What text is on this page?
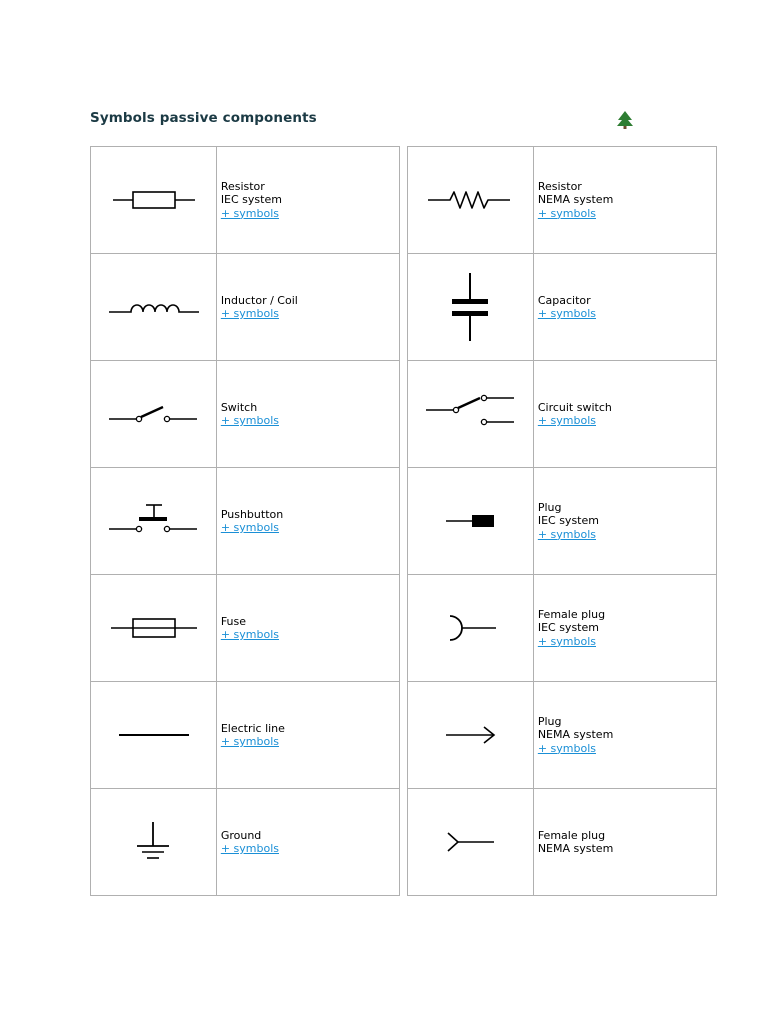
Symbols passive components

Resistor
IEC system
+ symbols

Inductor / Coil
+ symbols

Switch
+ symbols

Pushbutton
+ symbols

Fuse
+ symbols

Electric line
+ symbols

Ground
+ symbols

Resistor
NEMA system
+ symbols

Capacitor
+ symbols

Circuit switch
+ symbols

Plug
IEC system
+ symbols

Female plug
IEC system
+ symbols

Plug
NEMA system
+ symbols

Female plug
NEMA system
